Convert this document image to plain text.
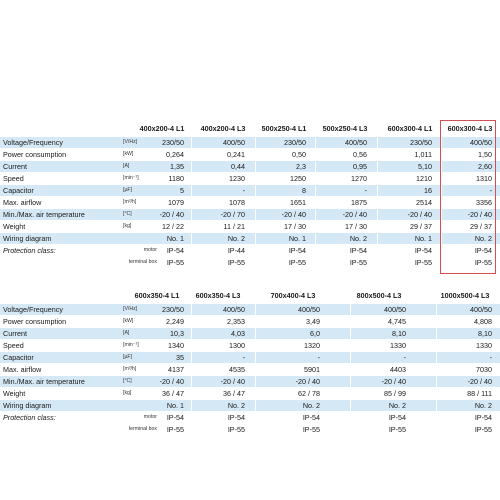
400x200-4 L1	400x200-4 L3	500x250-4 L1	500x250-4 L3	600x300-4 L1	600x300-4 L3
Voltage/Frequency	[V/Hz]	230/50	400/50	230/50	400/50	230/50	400/50
Power consumption	[kW]	0,264	0,241	0,50	0,56	1,011	1,50
Current	[A]	1,35	0,44	2,3	0,95	5,10	2,60
Speed	[min⁻¹]	1180	1230	1250	1270	1210	1310
Capacitor	[µF]	5	-	8	-	16	-
Max. airflow	[m³/h]	1079	1078	1651	1875	2514	3356
Min./Max. air temperature	[°C]	-20 / 40	-20 / 70	-20 / 40	-20 / 40	-20 / 40	-20 / 40
Weight	[kg]	12 / 22	11 / 21	17 / 30	17 / 30	29 / 37	29 / 37
Wiring diagram	No. 1	No. 2	No. 1	No. 2	No. 1	No. 2
Protection class:	motor	IP-54	IP-44	IP-54	IP-54	IP-54	IP-54
terminal box	IP-55	IP-55	IP-55	IP-55	IP-55	IP-55
600x350-4 L1	600x350-4 L3	700x400-4 L3	800x500-4 L3	1000x500-4 L3
Voltage/Frequency	[V/Hz]	230/50	400/50	400/50	400/50	400/50
Power consumption	[kW]	2,249	2,353	3,49	4,745	4,808
Current	[A]	10,3	4,03	6,0	8,10	8,10
Speed	[min⁻¹]	1340	1300	1320	1330	1330
Capacitor	[µF]	35	-	-	-	-
Max. airflow	[m³/h]	4137	4535	5901	4403	7030
Min./Max. air temperature	[°C]	-20 / 40	-20 / 40	-20 / 40	-20 / 40	-20 / 40
Weight	[kg]	36 / 47	36 / 47	62 / 78	85 / 99	88 / 111
Wiring diagram	No. 1	No. 2	No. 2	No. 2	No. 2
Protection class:	motor	IP-54	IP-54	IP-54	IP-54	IP-54
terminal box	IP-55	IP-55	IP-55	IP-55	IP-55
